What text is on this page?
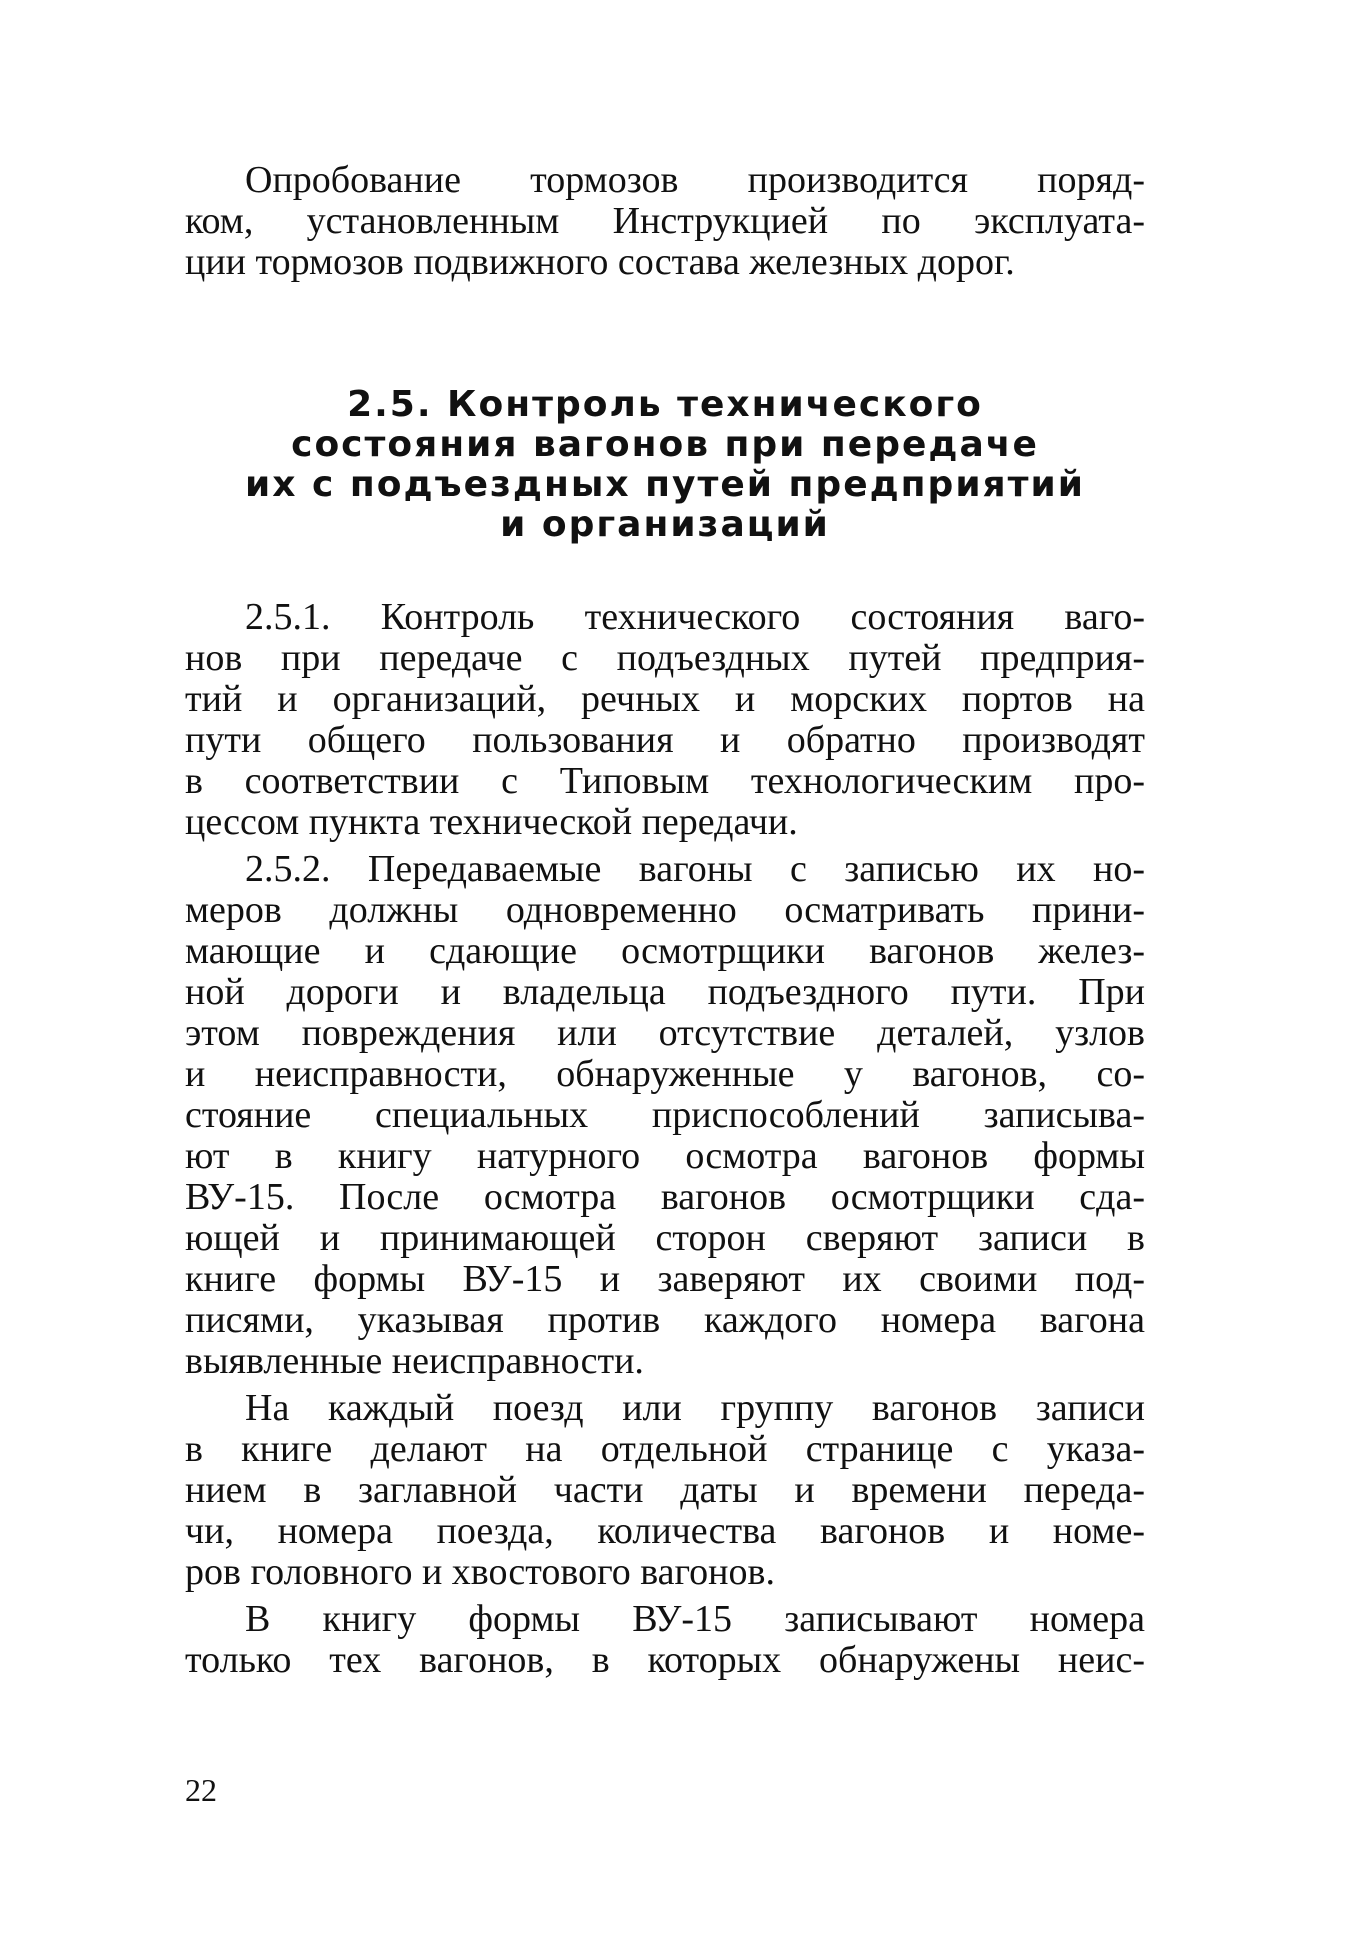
Опробование тормозов производится поряд-
ком, установленным Инструкцией по эксплуата-
ции тормозов подвижного состава железных дорог.
2.5. Контроль технического
состояния вагонов при передаче
их с подъездных путей предприятий
и организаций
2.5.1. Контроль технического состояния ваго-
нов при передаче с подъездных путей предприя-
тий и организаций, речных и морских портов на
пути общего пользования и обратно производят
в соответствии с Типовым технологическим про-
цессом пункта технической передачи.
2.5.2. Передаваемые вагоны с записью их но-
меров должны одновременно осматривать прини-
мающие и сдающие осмотрщики вагонов желез-
ной дороги и владельца подъездного пути. При
этом повреждения или отсутствие деталей, узлов
и неисправности, обнаруженные у вагонов, со-
стояние специальных приспособлений записыва-
ют в книгу натурного осмотра вагонов формы
ВУ-15. После осмотра вагонов осмотрщики сда-
ющей и принимающей сторон сверяют записи в
книге формы ВУ-15 и заверяют их своими под-
писями, указывая против каждого номера вагона
выявленные неисправности.
На каждый поезд или группу вагонов записи
в книге делают на отдельной странице с указа-
нием в заглавной части даты и времени переда-
чи, номера поезда, количества вагонов и номе-
ров головного и хвостового вагонов.
В книгу формы ВУ-15 записывают номера
только тех вагонов, в которых обнаружены неис-
22
